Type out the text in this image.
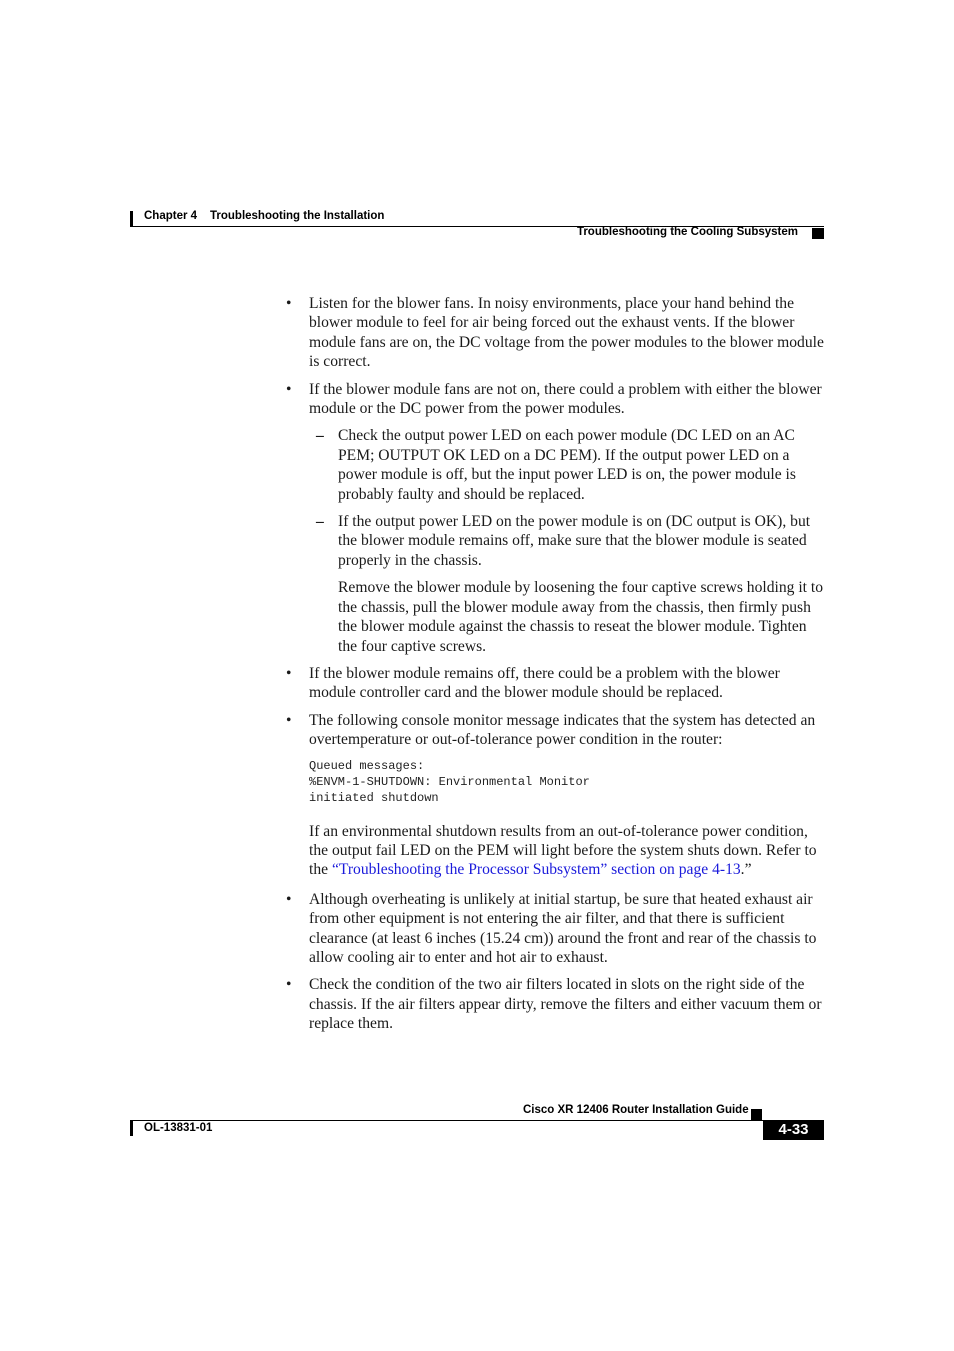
Chapter 4 Troubleshooting the Installation
Troubleshooting the Cooling Subsystem
• Listen for the blower fans. In noisy environments, place your hand behind the blower module to feel for air being forced out the exhaust vents. If the blower module fans are on, the DC voltage from the power modules to the blower module is correct.

• If the blower module fans are not on, there could a problem with either the blower module or the DC power from the power modules.

– Check the output power LED on each power module (DC LED on an AC PEM; OUTPUT OK LED on a DC PEM). If the output power LED on a power module is off, but the input power LED is on, the power module is probably faulty and should be replaced.
– If the output power LED on the power module is on (DC output is OK), but the blower module remains off, make sure that the blower module is seated properly in the chassis.
Remove the blower module by loosening the four captive screws holding it to the chassis, pull the blower module away from the chassis, then firmly push the blower module against the chassis to reseat the blower module. Tighten the four captive screws.
• If the blower module remains off, there could be a problem with the blower module controller card and the blower module should be replaced.

• The following console monitor message indicates that the system has detected an overtemperature or out-of-tolerance power condition in the router:

Queued messages:
%ENVM-1-SHUTDOWN: Environmental Monitor
initiated shutdown
If an environmental shutdown results from an out-of-tolerance power condition, the output fail LED on the PEM will light before the system shuts down. Refer to the “Troubleshooting the Processor Subsystem” section on page 4-13.”
• Although overheating is unlikely at initial startup, be sure that heated exhaust air from other equipment is not entering the air filter, and that there is sufficient clearance (at least 6 inches (15.24 cm)) around the front and rear of the chassis to allow cooling air to enter and hot air to exhaust.

• Check the condition of the two air filters located in slots on the right side of the chassis. If the air filters appear dirty, remove the filters and either vacuum them or replace them.

Cisco XR 12406 Router Installation Guide
OL-13831-01	4-33
